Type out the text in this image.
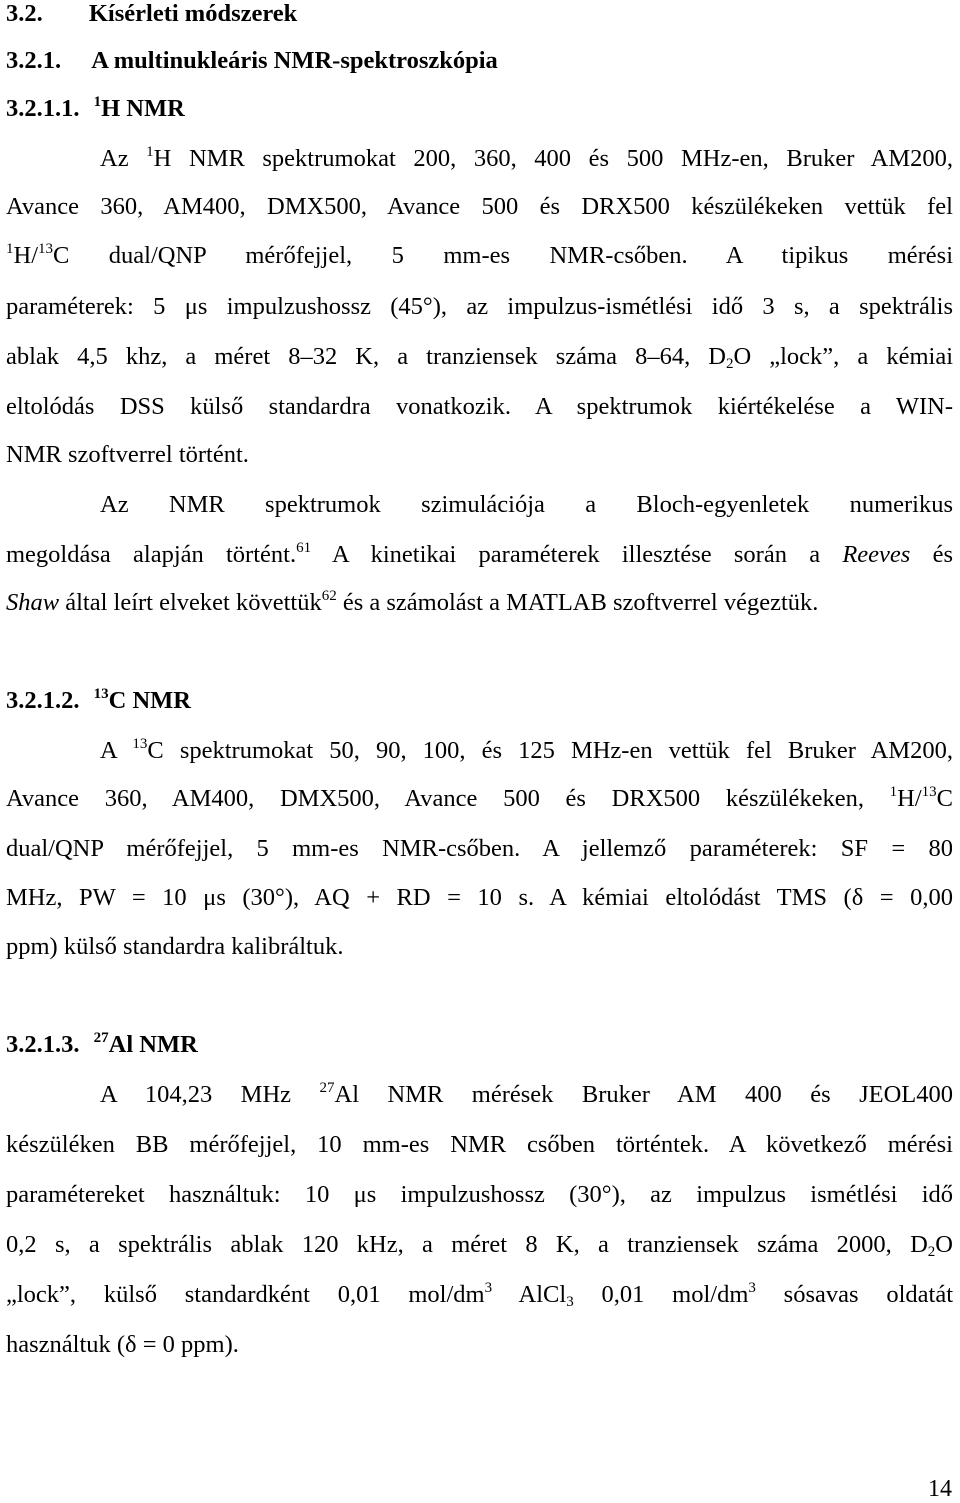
3.2. Kísérleti módszerek
3.2.1. A multinukleáris NMR-spektroszkópia
3.2.1.1. $^1$H NMR
Az $^1$H NMR spektrumokat 200, 360, 400 és 500 MHz-en, Bruker AM200,
Avance 360, AM400, DMX500, Avance 500 és DRX500 készülékeken vettük fel
$^1$H/$^{13}$C dual/QNP mérőfejjel, 5 mm-es NMR-csőben. A tipikus mérési
paraméterek: 5 μs impulzushossz (45°), az impulzus-ismétlési idő 3 s, a spektrális
ablak 4,5 khz, a méret 8–32 K, a tranziensek száma 8–64, $D_2O$ „lock”, a kémiai
eltolódás DSS külső standardra vonatkozik. A spektrumok kiértékelése a WIN-
NMR szoftverrel történt.
Az NMR spektrumok szimulációja a Bloch-egyenletek numerikus
megoldása alapján történt.$^{61}$ A kinetikai paraméterek illesztése során a Reeves és
Shaw által leírt elveket követtük$^{62}$ és a számolást a MATLAB szoftverrel végeztük.
3.2.1.2. $^{13}$C NMR
A $^{13}$C spektrumokat 50, 90, 100, és 125 MHz-en vettük fel Bruker AM200,
Avance 360, AM400, DMX500, Avance 500 és DRX500 készülékeken, $^1$H/$^{13}$C
dual/QNP mérőfejjel, 5 mm-es NMR-csőben. A jellemző paraméterek: SF = 80
MHz, PW = 10 μs (30°), AQ + RD = 10 s. A kémiai eltolódást TMS (δ = 0,00
ppm) külső standardra kalibráltuk.
3.2.1.3. $^{27}$Al NMR
A 104,23 MHz $^{27}$Al NMR mérések Bruker AM 400 és JEOL400
készüléken BB mérőfejjel, 10 mm-es NMR csőben történtek. A következő mérési
paramétereket használtuk: 10 μs impulzushossz (30°), az impulzus ismétlési idő
0,2 s, a spektrális ablak 120 kHz, a méret 8 K, a tranziensek száma 2000, $D_2O$
„lock”, külső standardként 0,01 mol/$dm^3$ AlCl$_3$ 0,01 mol/$dm^3$ sósavas oldatát
használtuk (δ = 0 ppm).
14
